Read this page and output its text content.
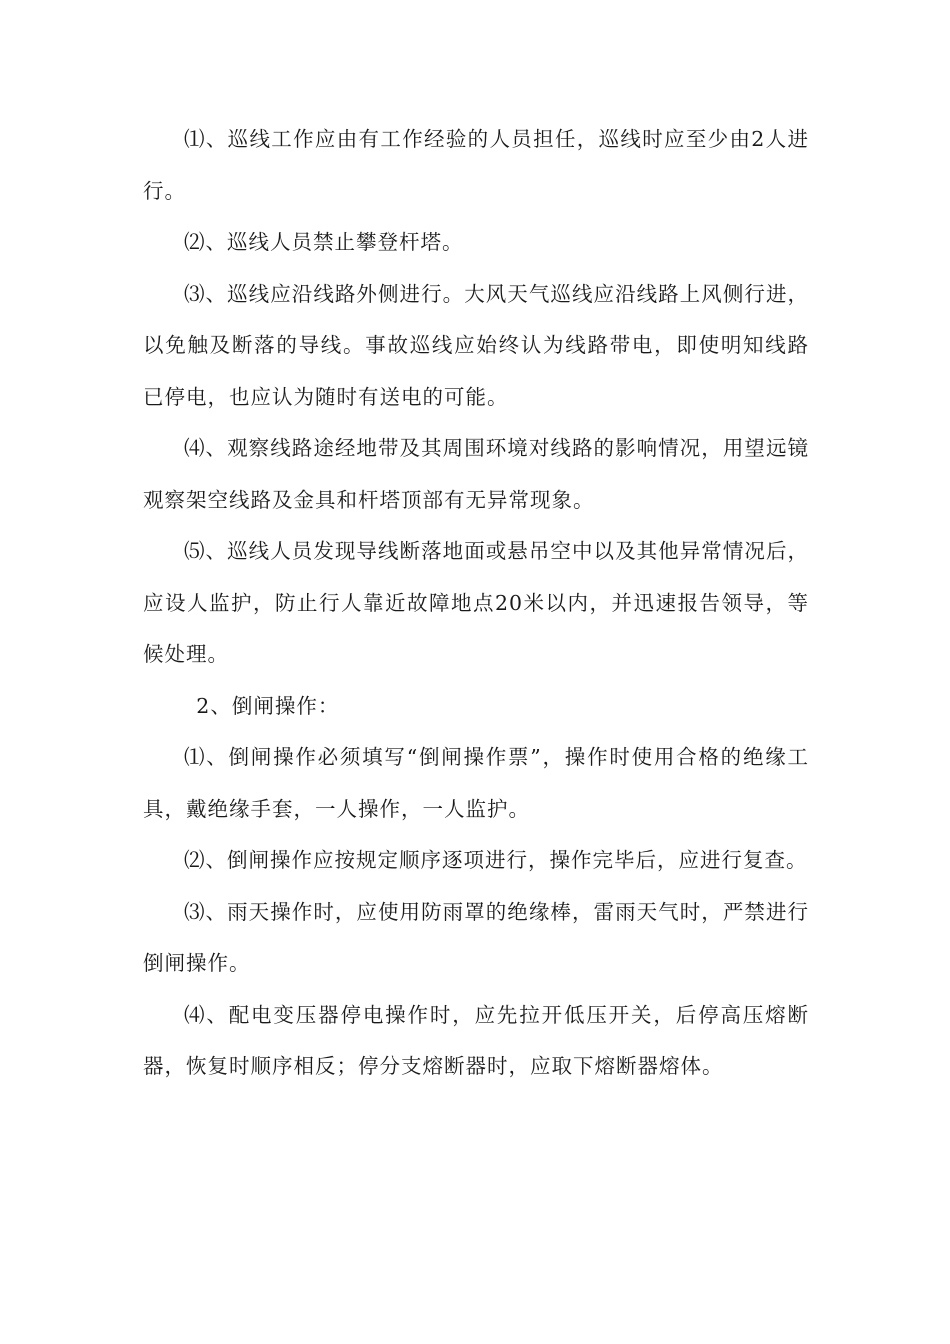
⑴、巡线工作应由有工作经验的人员担任，巡线时应至少由2人进行。

⑵、巡线人员禁止攀登杆塔。

⑶、巡线应沿线路外侧进行。大风天气巡线应沿线路上风侧行进，以免触及断落的导线。事故巡线应始终认为线路带电，即使明知线路已停电，也应认为随时有送电的可能。

⑷、观察线路途经地带及其周围环境对线路的影响情况，用望远镜观察架空线路及金具和杆塔顶部有无异常现象。

⑸、巡线人员发现导线断落地面或悬吊空中以及其他异常情况后，应设人监护，防止行人靠近故障地点20米以内，并迅速报告领导，等候处理。

2、倒闸操作：

⑴、倒闸操作必须填写“倒闸操作票”，操作时使用合格的绝缘工具，戴绝缘手套，一人操作，一人监护。

⑵、倒闸操作应按规定顺序逐项进行，操作完毕后，应进行复查。

⑶、雨天操作时，应使用防雨罩的绝缘棒，雷雨天气时，严禁进行倒闸操作。

⑷、配电变压器停电操作时，应先拉开低压开关，后停高压熔断器，恢复时顺序相反；停分支熔断器时，应取下熔断器熔体。
